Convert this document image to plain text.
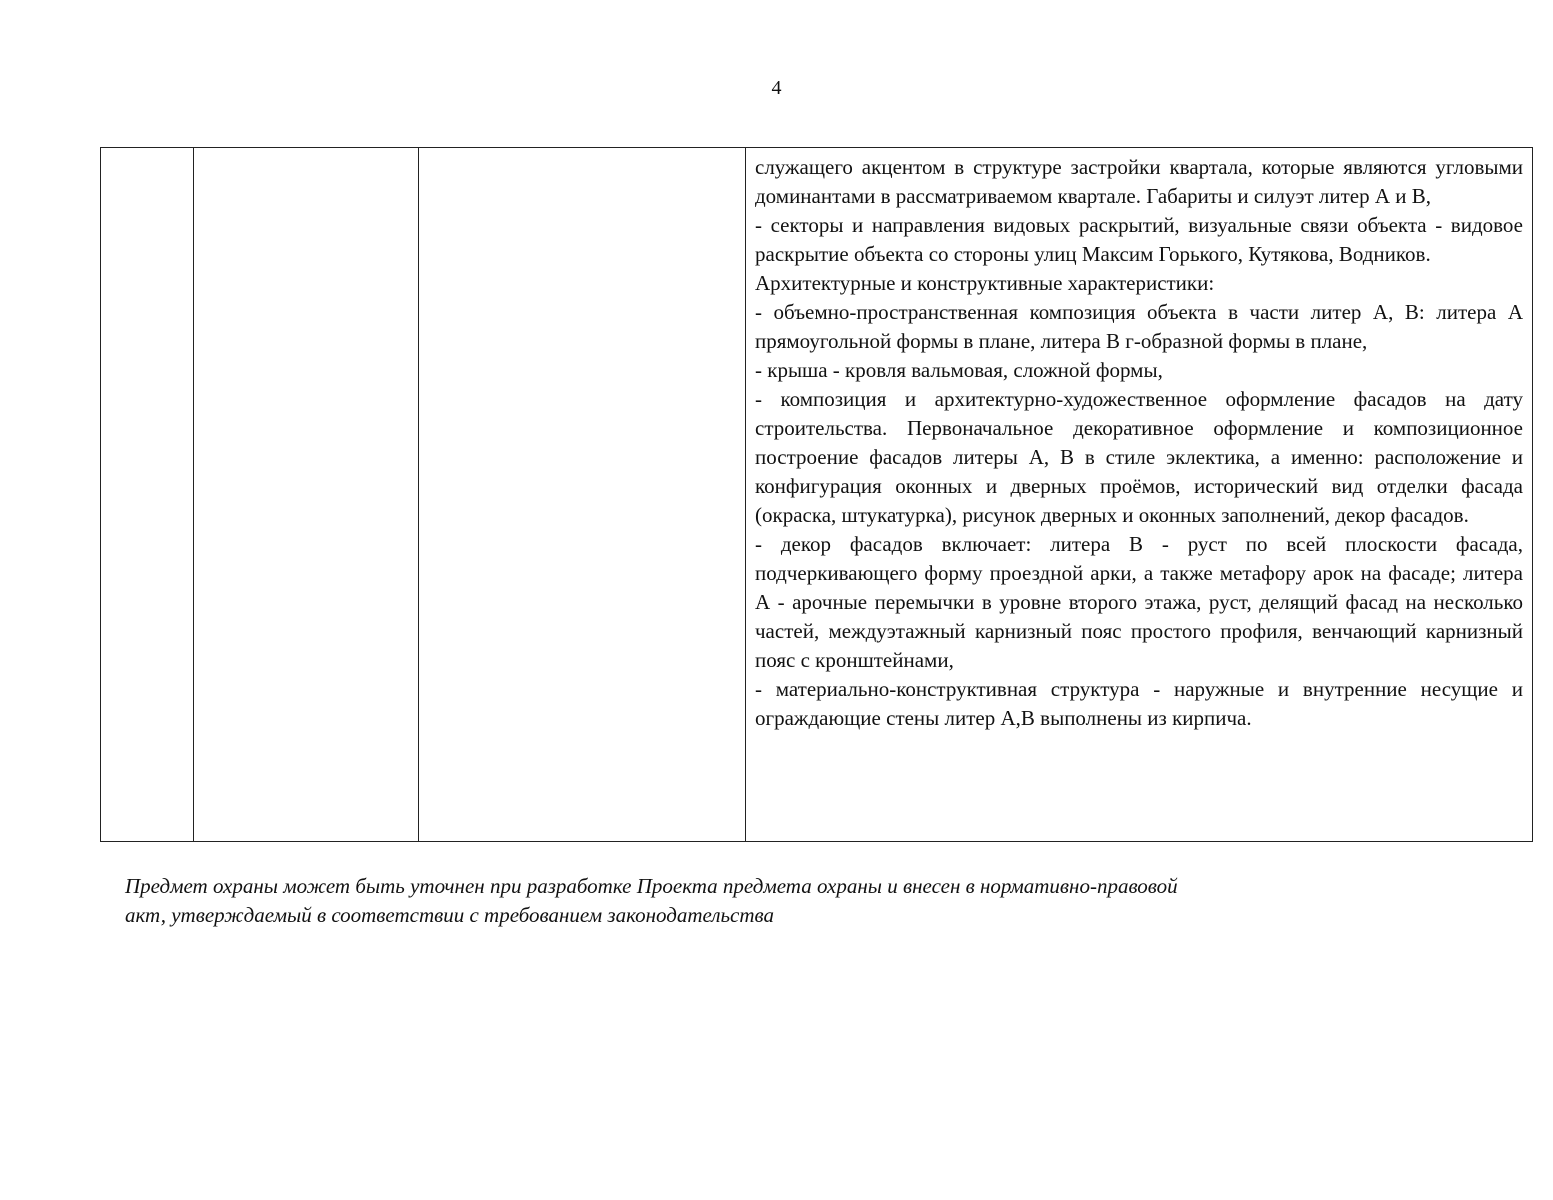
4

служащего акцентом в структуре застройки квартала, которые являются угловыми доминантами в рассматриваемом квартале. Габариты и силуэт литер А и В,

- секторы и направления видовых раскрытий, визуальные связи объекта - видовое раскрытие объекта со стороны улиц Максим Горького, Кутякова, Водников.

Архитектурные и конструктивные характеристики:

- объемно-пространственная композиция объекта в части литер А, В: литера А прямоугольной формы в плане, литера В г-образной формы в плане,

- крыша - кровля вальмовая, сложной формы,

- композиция и архитектурно-художественное оформление фасадов на дату строительства. Первоначальное декоративное оформление и композиционное построение фасадов литеры А, В в стиле эклектика, а именно: расположение и конфигурация оконных и дверных проёмов, исторический вид отделки фасада (окраска, штукатурка), рисунок дверных и оконных заполнений, декор фасадов.

- декор фасадов включает: литера В - руст по всей плоскости фасада, подчеркивающего форму проездной арки, а также метафору арок на фасаде; литера А - арочные перемычки в уровне второго этажа, руст, делящий фасад на несколько частей, междуэтажный карнизный пояс простого профиля, венчающий карнизный пояс с кронштейнами,

- материально-конструктивная структура - наружные и внутренние несущие и ограждающие стены литер А,В выполнены из кирпича.

Предмет охраны может быть уточнен при разработке Проекта предмета охраны и внесен в нормативно-правовой

акт, утверждаемый в соответствии с требованием законодательства
